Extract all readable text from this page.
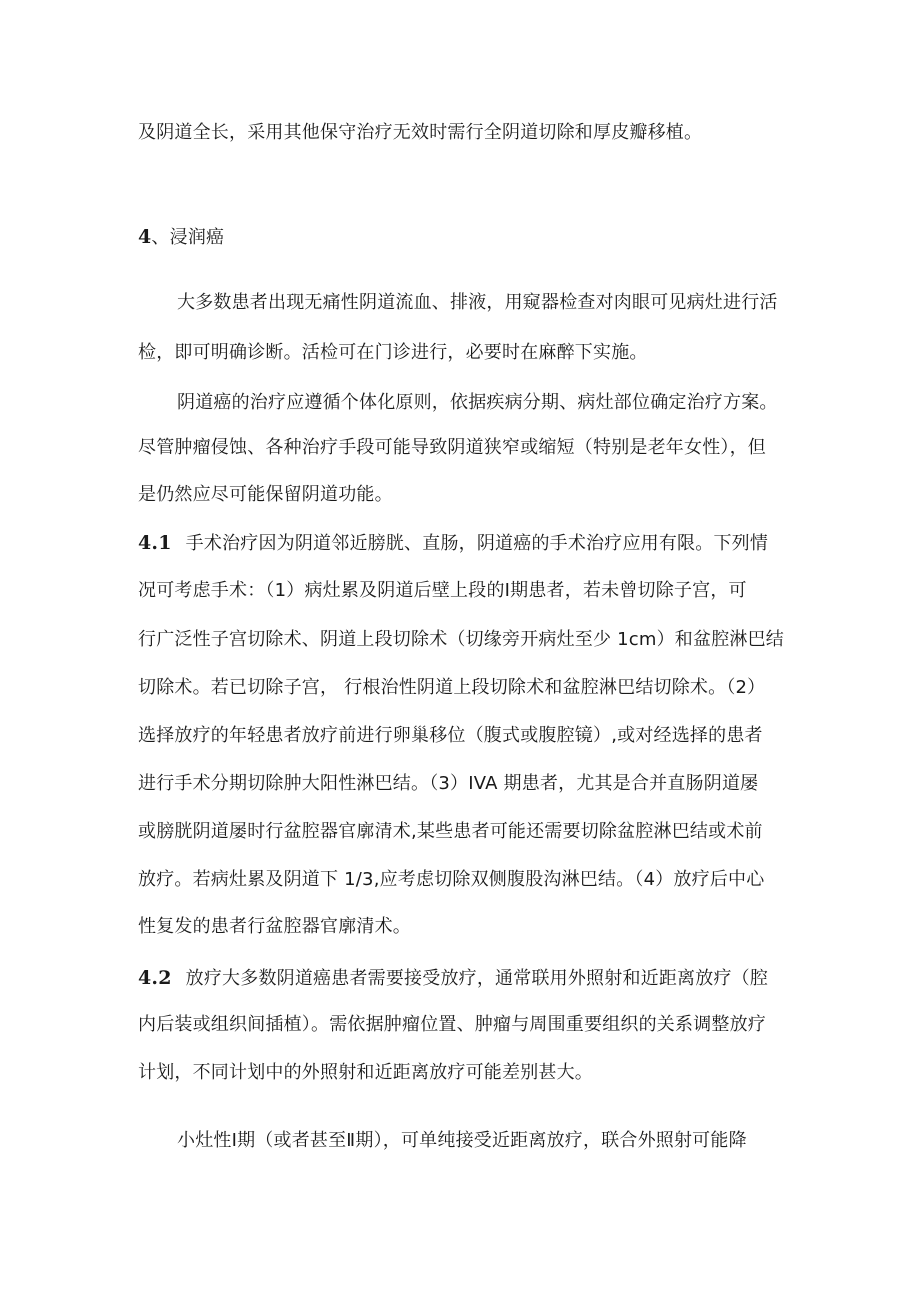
及阴道全长，采用其他保守治疗无效时需行全阴道切除和厚皮瓣移植。
4、浸润癌
大多数患者出现无痛性阴道流血、排液，用窥器检查对肉眼可见病灶进行活
检，即可明确诊断。活检可在门诊进行，必要时在麻醉下实施。
阴道癌的治疗应遵循个体化原则，依据疾病分期、病灶部位确定治疗方案。
尽管肿瘤侵蚀、各种治疗手段可能导致阴道狭窄或缩短（特别是老年女性），但
是仍然应尽可能保留阴道功能。
4.1 手术治疗因为阴道邻近膀胱、直肠，阴道癌的手术治疗应用有限。下列情
况可考虑手术：（1）病灶累及阴道后壁上段的Ⅰ期患者，若未曾切除子宫，可
行广泛性子宫切除术、阴道上段切除术（切缘旁开病灶至少 1cm）和盆腔淋巴结
切除术。若已切除子宫， 行根治性阴道上段切除术和盆腔淋巴结切除术。（2）
选择放疗的年轻患者放疗前进行卵巢移位（腹式或腹腔镜）,或对经选择的患者
进行手术分期切除肿大阳性淋巴结。（3）IVA 期患者，尤其是合并直肠阴道屡
或膀胱阴道屡时行盆腔器官廓清术,某些患者可能还需要切除盆腔淋巴结或术前
放疗。若病灶累及阴道下 1/3,应考虑切除双侧腹股沟淋巴结。（4）放疗后中心
性复发的患者行盆腔器官廓清术。
4.2 放疗大多数阴道癌患者需要接受放疗，通常联用外照射和近距离放疗（腔
内后装或组织间插植）。需依据肿瘤位置、肿瘤与周围重要组织的关系调整放疗
计划，不同计划中的外照射和近距离放疗可能差别甚大。
小灶性Ⅰ期（或者甚至Ⅱ期），可单纯接受近距离放疗，联合外照射可能降
